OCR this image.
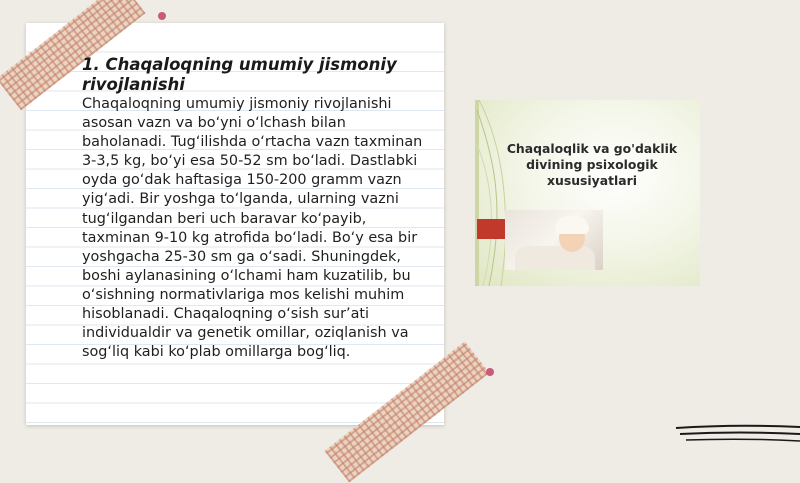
1. Chaqaloqning umumiy jismoniy rivojlanishi

Chaqaloqning umumiy jismoniy rivojlanishi asosan vazn va bo‘yni o‘lchash bilan baholanadi. Tug‘ilishda o‘rtacha vazn taxminan 3-3,5 kg, bo‘yi esa 50-52 sm bo‘ladi. Dastlabki oyda go‘dak haftasiga 150-200 gramm vazn yig‘adi. Bir yoshga to‘lganda, ularning vazni tug‘ilgandan beri uch baravar ko‘payib, taxminan 9-10 kg atrofida bo‘ladi. Bo‘y esa bir yoshgacha 25-30 sm ga o‘sadi. Shuningdek, boshi aylanasining o‘lchami ham kuzatilib, bu o‘sishning normativlariga mos kelishi muhim hisoblanadi. Chaqaloqning o‘sish sur’ati individualdir va genetik omillar, oziqlanish va sog‘liq kabi ko‘plab omillarga bog‘liq.

Chaqaloqlik va go'daklik divining psixologik xususiyatlari
